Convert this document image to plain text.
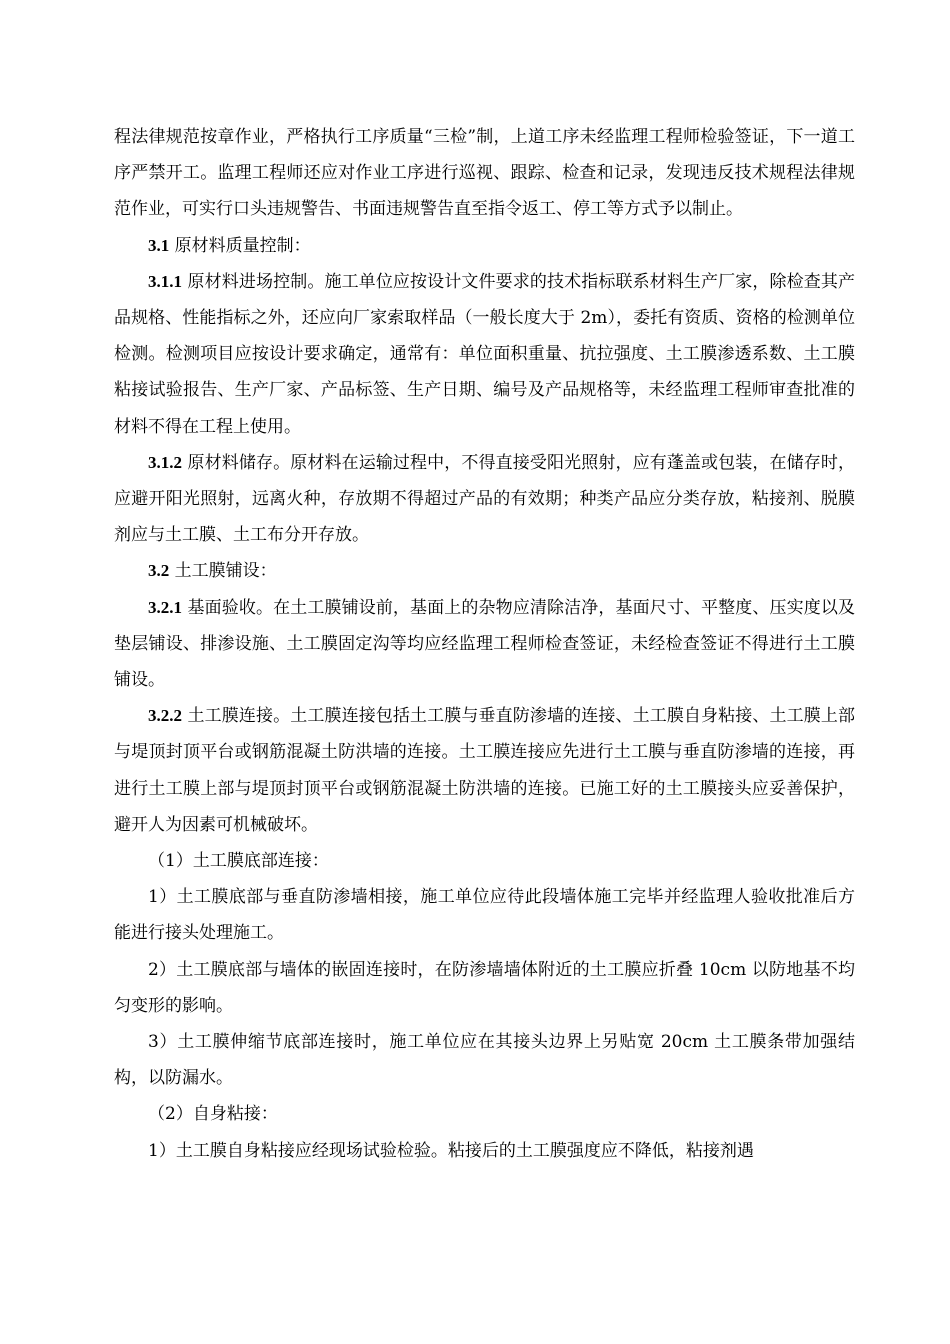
程法律规范按章作业，严格执行工序质量“三检”制，上道工序未经监理工程师检验签证，下一道工序严禁开工。监理工程师还应对作业工序进行巡视、跟踪、检查和记录，发现违反技术规程法律规范作业，可实行口头违规警告、书面违规警告直至指令返工、停工等方式予以制止。

3.1 原材料质量控制：

3.1.1 原材料进场控制。施工单位应按设计文件要求的技术指标联系材料生产厂家，除检查其产品规格、性能指标之外，还应向厂家索取样品（一般长度大于 2m），委托有资质、资格的检测单位检测。检测项目应按设计要求确定，通常有：单位面积重量、抗拉强度、土工膜渗透系数、土工膜粘接试验报告、生产厂家、产品标签、生产日期、编号及产品规格等，未经监理工程师审查批准的材料不得在工程上使用。

3.1.2 原材料储存。原材料在运输过程中，不得直接受阳光照射，应有蓬盖或包装，在储存时，应避开阳光照射，远离火种，存放期不得超过产品的有效期；种类产品应分类存放，粘接剂、脱膜剂应与土工膜、土工布分开存放。

3.2 土工膜铺设：

3.2.1 基面验收。在土工膜铺设前，基面上的杂物应清除洁净，基面尺寸、平整度、压实度以及垫层铺设、排渗设施、土工膜固定沟等均应经监理工程师检查签证，未经检查签证不得进行土工膜铺设。

3.2.2 土工膜连接。土工膜连接包括土工膜与垂直防渗墙的连接、土工膜自身粘接、土工膜上部与堤顶封顶平台或钢筋混凝土防洪墙的连接。土工膜连接应先进行土工膜与垂直防渗墙的连接，再进行土工膜上部与堤顶封顶平台或钢筋混凝土防洪墙的连接。已施工好的土工膜接头应妥善保护，避开人为因素可机械破坏。

（1）土工膜底部连接：

1）土工膜底部与垂直防渗墙相接，施工单位应待此段墙体施工完毕并经监理人验收批准后方能进行接头处理施工。

2）土工膜底部与墙体的嵌固连接时，在防渗墙墙体附近的土工膜应折叠 10cm 以防地基不均匀变形的影响。

3）土工膜伸缩节底部连接时，施工单位应在其接头边界上另贴宽 20cm 土工膜条带加强结构，以防漏水。

（2）自身粘接：

1）土工膜自身粘接应经现场试验检验。粘接后的土工膜强度应不降低，粘接剂遇
